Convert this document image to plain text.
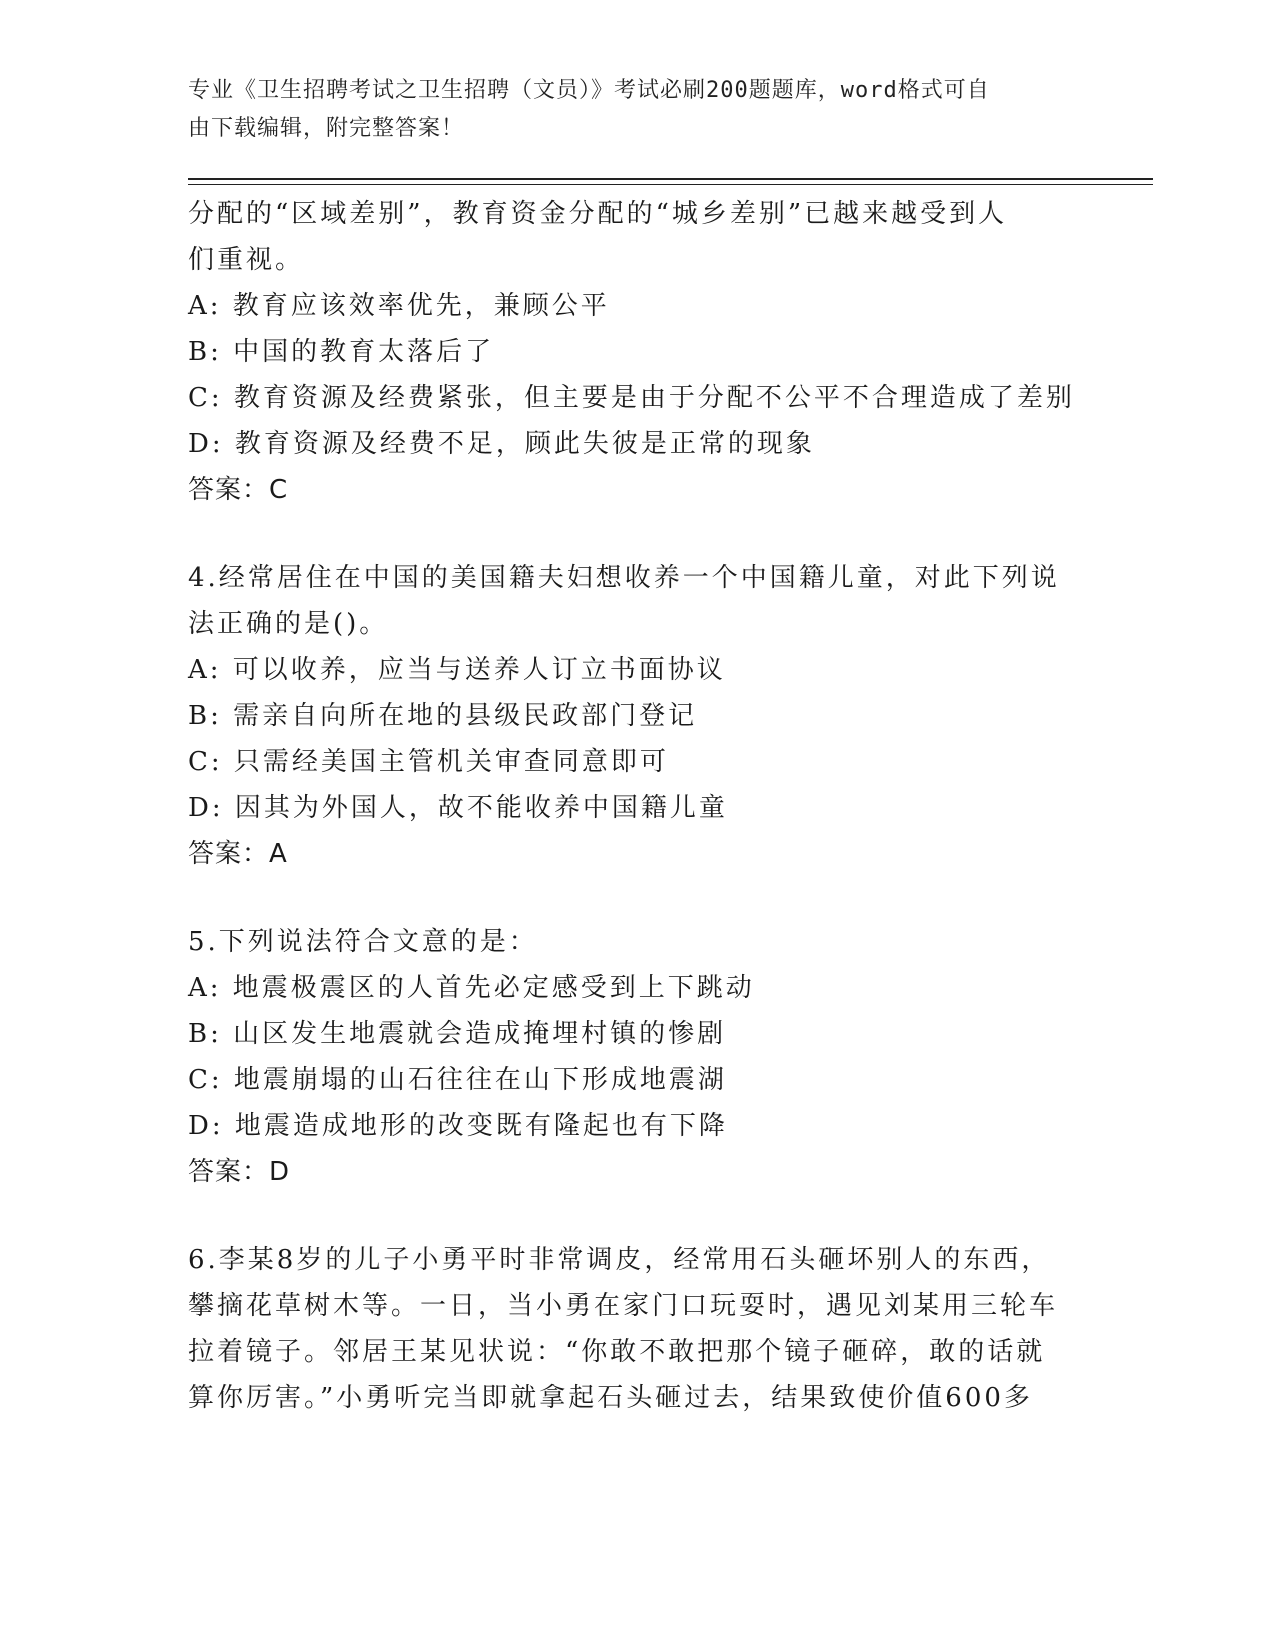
专业《卫生招聘考试之卫生招聘（文员）》考试必刷200题题库，word格式可自
由下载编辑，附完整答案！
分配的“区域差别”，教育资金分配的“城乡差别”已越来越受到人
们重视。
A: 教育应该效率优先，兼顾公平
B: 中国的教育太落后了
C: 教育资源及经费紧张，但主要是由于分配不公平不合理造成了差别
D: 教育资源及经费不足，顾此失彼是正常的现象
答案：C
4.经常居住在中国的美国籍夫妇想收养一个中国籍儿童，对此下列说
法正确的是()。
A: 可以收养，应当与送养人订立书面协议
B: 需亲自向所在地的县级民政部门登记
C: 只需经美国主管机关审查同意即可
D: 因其为外国人，故不能收养中国籍儿童
答案：A
5.下列说法符合文意的是：
A: 地震极震区的人首先必定感受到上下跳动
B: 山区发生地震就会造成掩埋村镇的惨剧
C: 地震崩塌的山石往往在山下形成地震湖
D: 地震造成地形的改变既有隆起也有下降
答案：D
6.李某8岁的儿子小勇平时非常调皮，经常用石头砸坏别人的东西，
攀摘花草树木等。一日，当小勇在家门口玩耍时，遇见刘某用三轮车
拉着镜子。邻居王某见状说：“你敢不敢把那个镜子砸碎，敢的话就
算你厉害。”小勇听完当即就拿起石头砸过去，结果致使价值600多
